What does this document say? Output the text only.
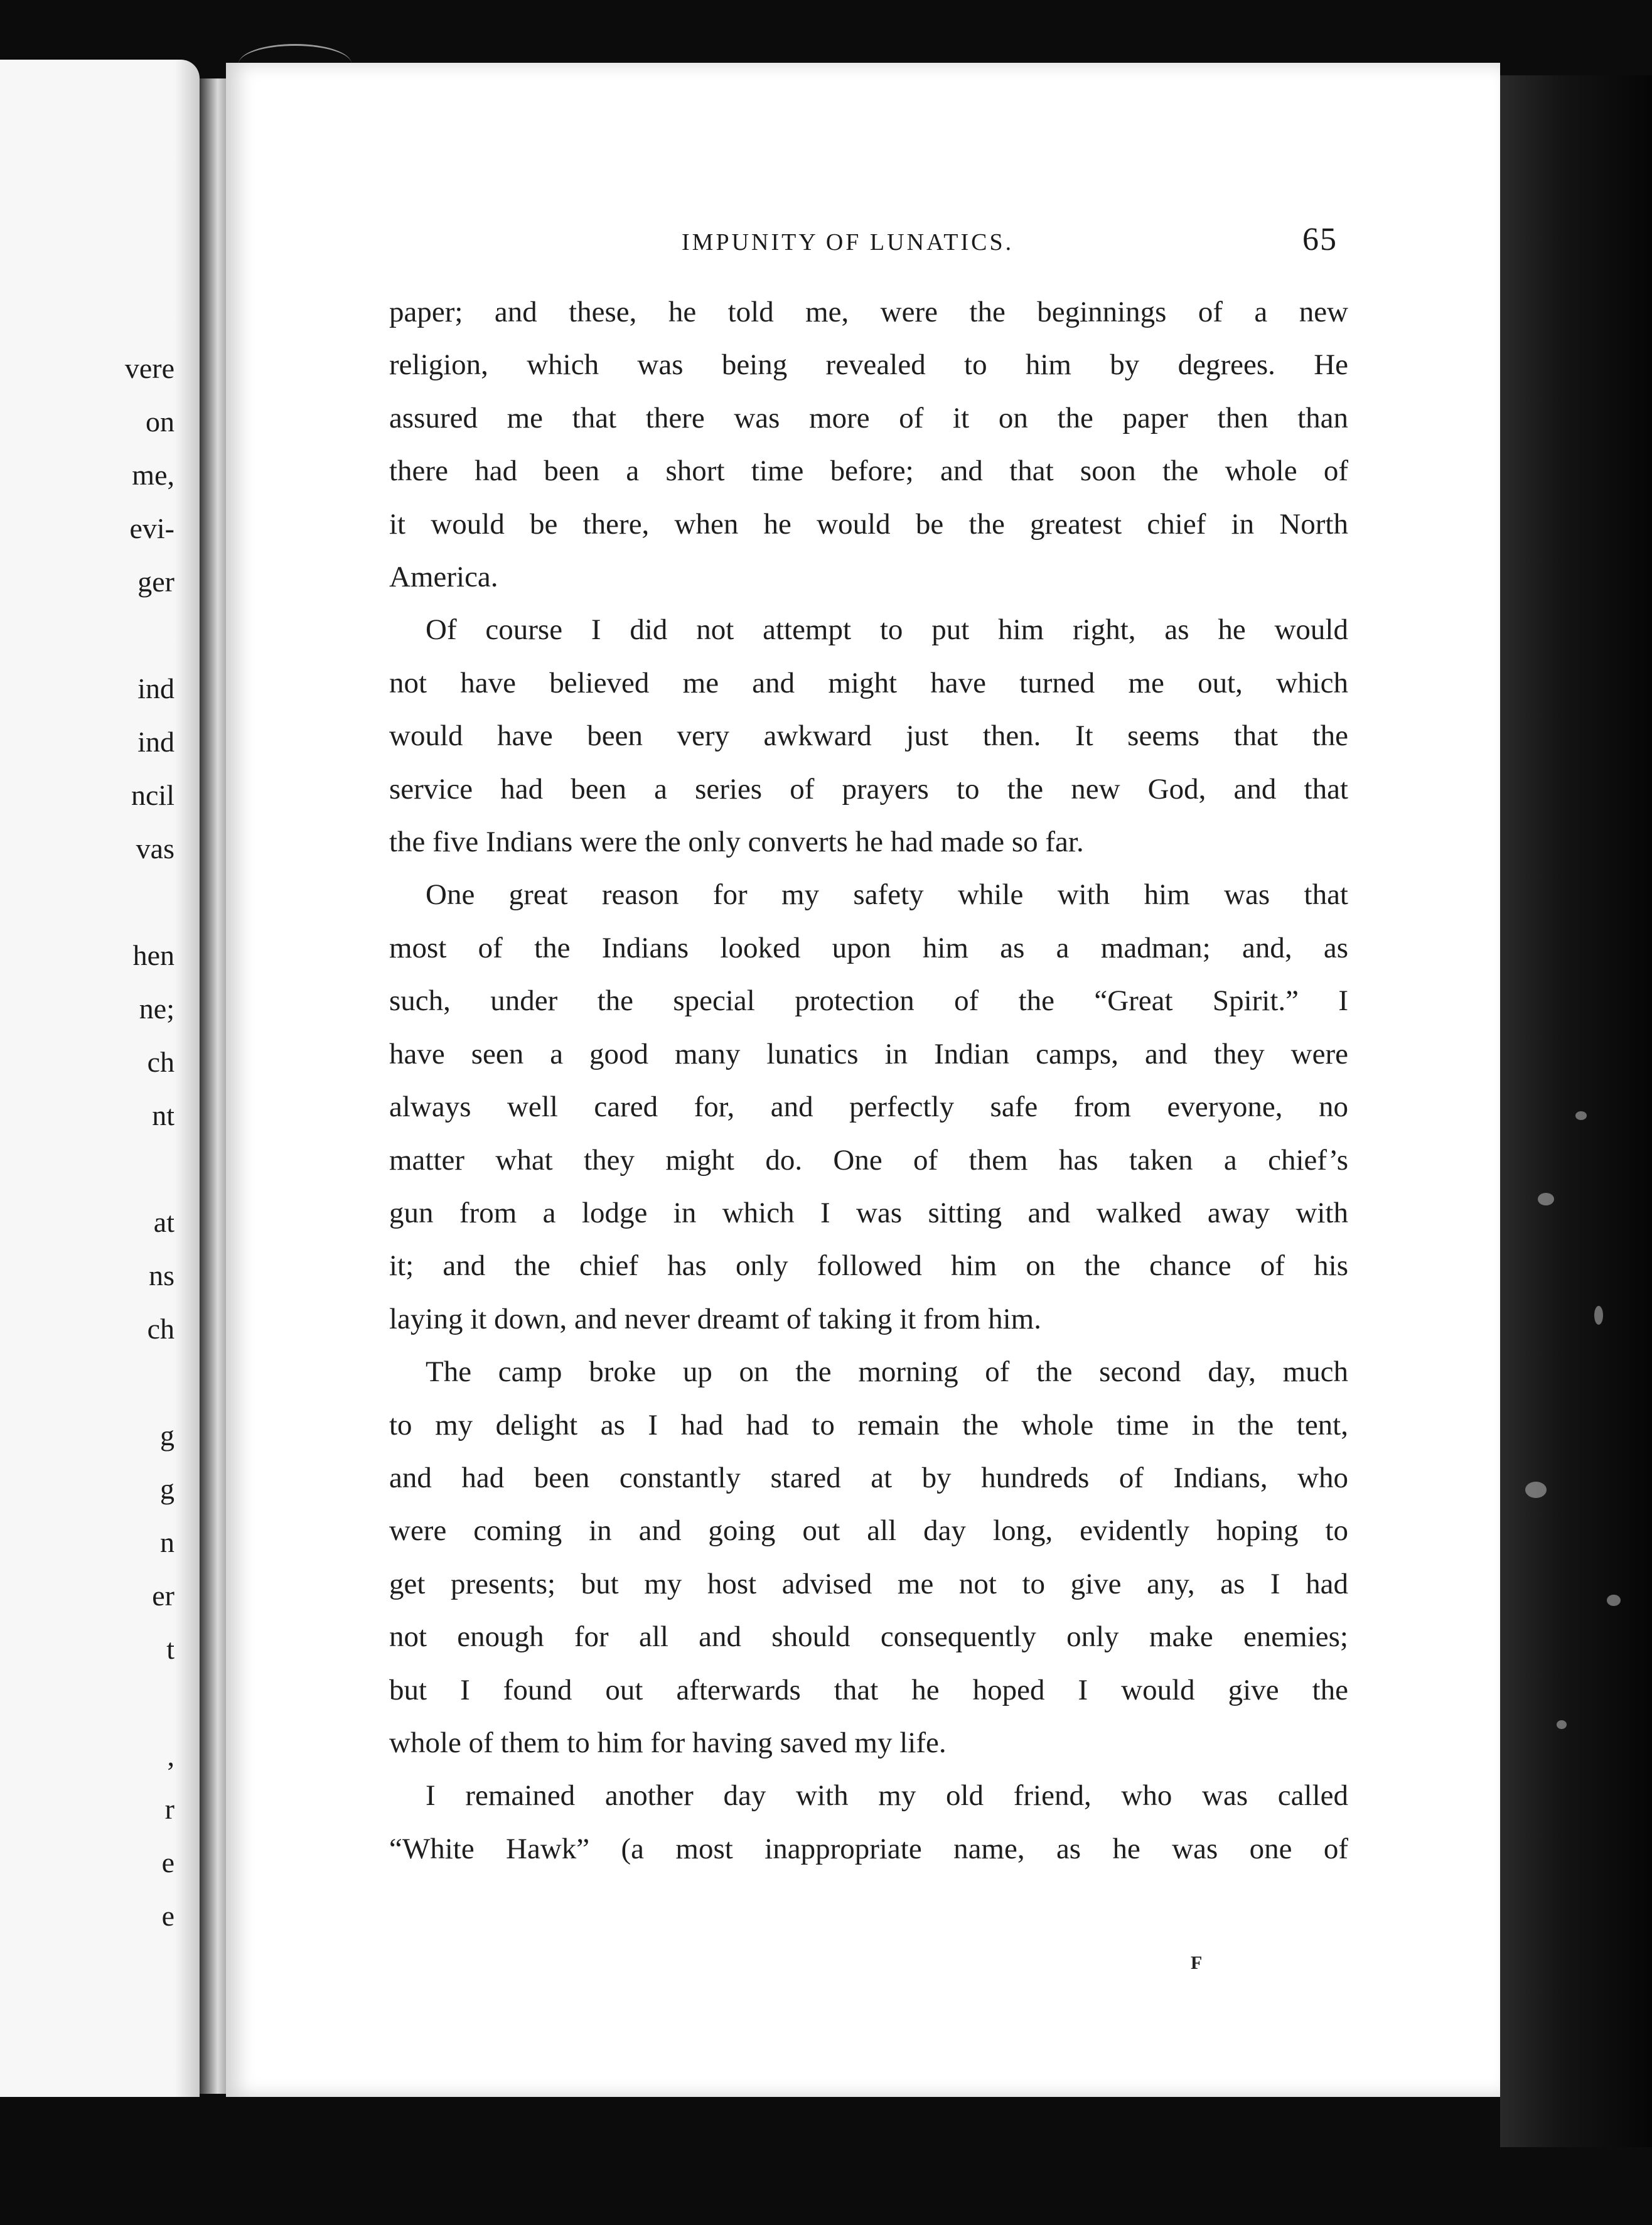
vere
on
me,
evi-
ger
ind
ind
ncil
vas
hen
ne;
ch
nt
at
ns
ch
g
g
n
er
t
,
r
e
e
IMPUNITY OF LUNATICS.	65

paper; and these, he told me, were the beginnings of a new
religion, which was being revealed to him by degrees. He
assured me that there was more of it on the paper then than
there had been a short time before; and that soon the whole of
it would be there, when he would be the greatest chief in North
America.

Of course I did not attempt to put him right, as he would
not have believed me and might have turned me out, which
would have been very awkward just then. It seems that the
service had been a series of prayers to the new God, and that
the five Indians were the only converts he had made so far.

One great reason for my safety while with him was that
most of the Indians looked upon him as a madman; and, as
such, under the special protection of the “Great Spirit.” I
have seen a good many lunatics in Indian camps, and they were
always well cared for, and perfectly safe from everyone, no
matter what they might do. One of them has taken a chief’s
gun from a lodge in which I was sitting and walked away with
it; and the chief has only followed him on the chance of his
laying it down, and never dreamt of taking it from him.

The camp broke up on the morning of the second day, much
to my delight as I had had to remain the whole time in the tent,
and had been constantly stared at by hundreds of Indians, who
were coming in and going out all day long, evidently hoping to
get presents; but my host advised me not to give any, as I had
not enough for all and should consequently only make enemies;
but I found out afterwards that he hoped I would give the
whole of them to him for having saved my life.

I remained another day with my old friend, who was called
“White Hawk” (a most inappropriate name, as he was one of

F
